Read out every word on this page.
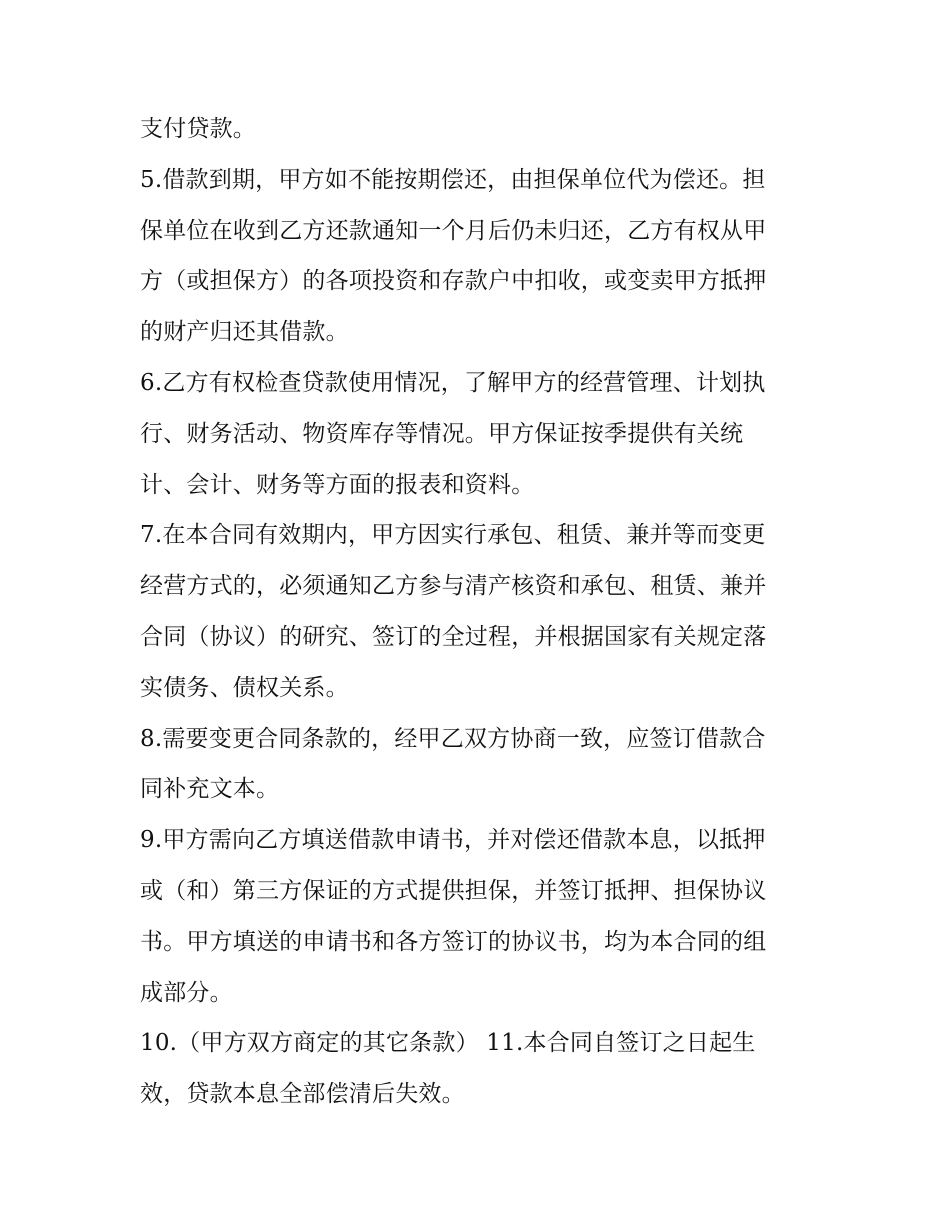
支付贷款。
5.借款到期，甲方如不能按期偿还，由担保单位代为偿还。担
保单位在收到乙方还款通知一个月后仍未归还，乙方有权从甲
方（或担保方）的各项投资和存款户中扣收，或变卖甲方抵押
的财产归还其借款。
6.乙方有权检查贷款使用情况，了解甲方的经营管理、计划执
行、财务活动、物资库存等情况。甲方保证按季提供有关统
计、会计、财务等方面的报表和资料。
7.在本合同有效期内，甲方因实行承包、租赁、兼并等而变更
经营方式的，必须通知乙方参与清产核资和承包、租赁、兼并
合同（协议）的研究、签订的全过程，并根据国家有关规定落
实债务、债权关系。
8.需要变更合同条款的，经甲乙双方协商一致，应签订借款合
同补充文本。
9.甲方需向乙方填送借款申请书，并对偿还借款本息，以抵押
或（和）第三方保证的方式提供担保，并签订抵押、担保协议
书。甲方填送的申请书和各方签订的协议书，均为本合同的组
成部分。
10.（甲方双方商定的其它条款） 11.本合同自签订之日起生
效，贷款本息全部偿清后失效。
